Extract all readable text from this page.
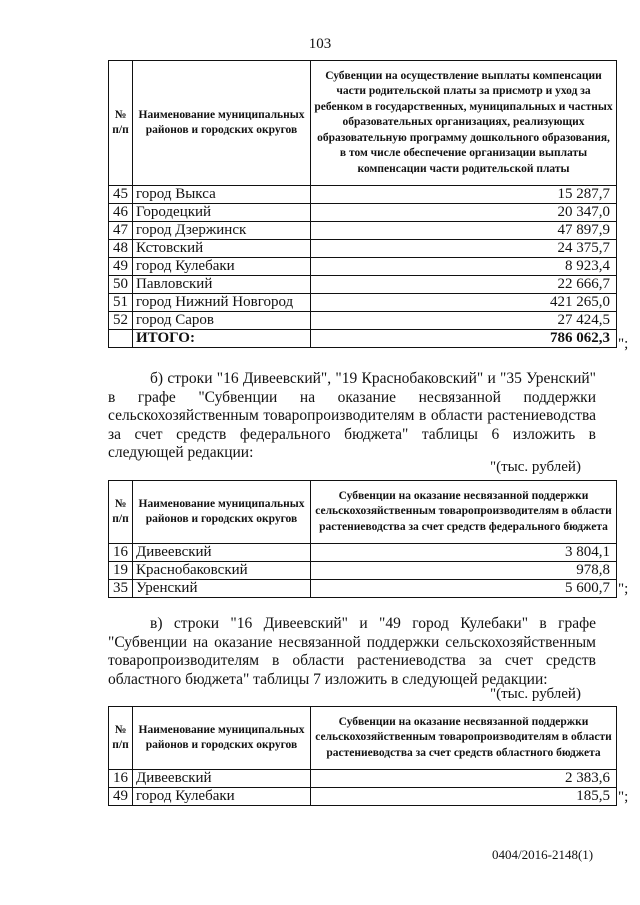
103
№ п/п	Наименование муниципальных районов и городских округов	Субвенции на осуществление выплаты компенсации части родительской платы за присмотр и уход за ребенком в государственных, муниципальных и частных образовательных организациях, реализующих образовательную программу дошкольного образования, в том числе обеспечение организации выплаты компенсации части родительской платы
45	город Выкса	15 287,7
46	Городецкий	20 347,0
47	город Дзержинск	47 897,9
48	Кстовский	24 375,7
49	город Кулебаки	8 923,4
50	Павловский	22 666,7
51	город Нижний Новгород	421 265,0
52	город Саров	27 424,5
	ИТОГО:	786 062,3 ";
б) строки "16 Дивеевский", "19 Краснобаковский" и "35 Уренский" в графе "Субвенции на оказание несвязанной поддержки сельскохозяйственным товаропроизводителям в области растениеводства за счет средств федерального бюджета" таблицы 6 изложить в следующей редакции:
"(тыс. рублей)
№ п/п	Наименование муниципальных районов и городских округов	Субвенции на оказание несвязанной поддержки сельскохозяйственным товаропроизводителям в области растениеводства за счет средств федерального бюджета
16	Дивеевский	3 804,1
19	Краснобаковский	978,8
35	Уренский	5 600,7 ";
в) строки "16 Дивеевский" и "49 город Кулебаки" в графе "Субвенции на оказание несвязанной поддержки сельскохозяйственным товаропроизводителям в области растениеводства за счет средств областного бюджета" таблицы 7 изложить в следующей редакции:
"(тыс. рублей)
№ п/п	Наименование муниципальных районов и городских округов	Субвенции на оказание несвязанной поддержки сельскохозяйственным товаропроизводителям в области растениеводства за счет средств областного бюджета
16	Дивеевский	2 383,6
49	город Кулебаки	185,5 ";
0404/2016-2148(1)
